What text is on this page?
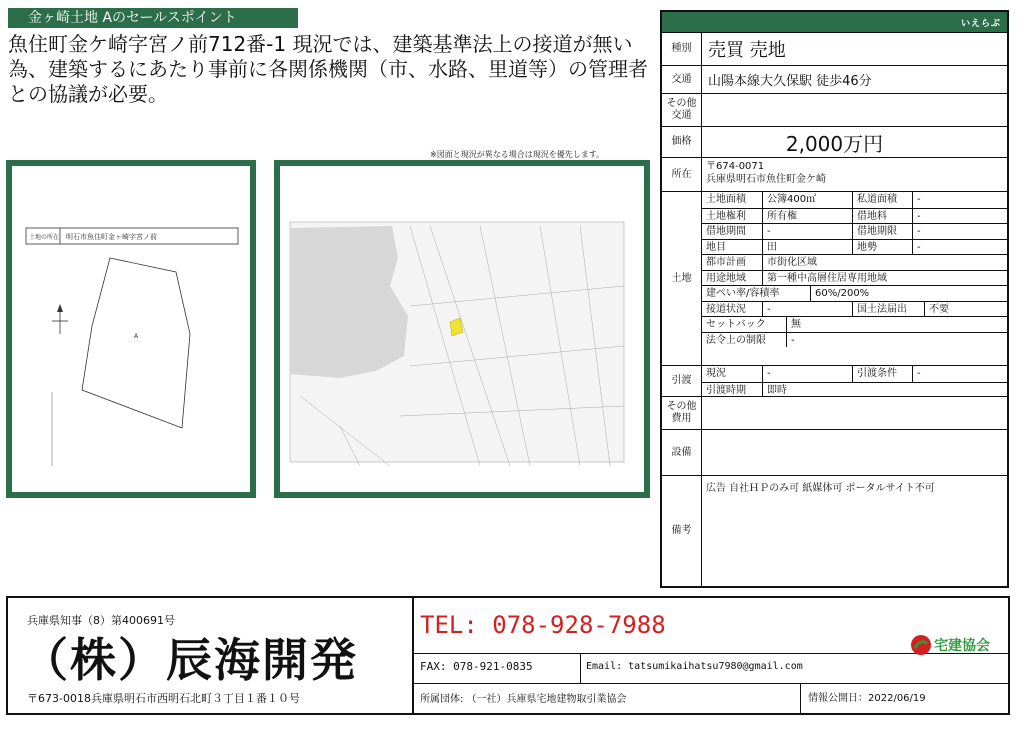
金ヶ崎土地 Aのセールスポイント
魚住町金ケ崎字宮ノ前712番-1 現況では、建築基準法上の接道が無い為、建築するにあたり事前に各関係機関（市、水路、里道等）の管理者との協議が必要。
※図面と現況が異なる場合は現況を優先します。
土地の所在 明石市魚住町金ヶ崎字宮ノ前
A
いえらぶ
種別 売買 売地
交通	山陽本線大久保駅 徒歩46分
その他交通
価格	2,000万円
所在
〒674-0071
兵庫県明石市魚住町金ケ崎
土地
土地面積	公簿400㎡	私道面積	-
土地権利	所有権	借地料	-
借地期間	-	借地期限	-
地目	田	地勢	-
都市計画	市街化区域
用途地域	第一種中高層住居専用地域
建ぺい率/容積率	60%/200%
接道状況	-	国土法届出	不要
セットバック	無
法令上の制限	-
引渡
現況	-	引渡条件	-
引渡時期	即時
その他費用
設備
備考
広告 自社ＨＰのみ可 紙媒体可 ポータルサイト不可
兵庫県知事（8）第400691号
（株）辰海開発
〒673-0018兵庫県明石市西明石北町３丁目１番１０号
TEL: 078-928-7988
FAX: 078-921-0835	Email: tatsumikaihatsu7980@gmail.com
所属団体: （一社）兵庫県宅地建物取引業協会	情報公開日：2022/06/19
宅建協会
